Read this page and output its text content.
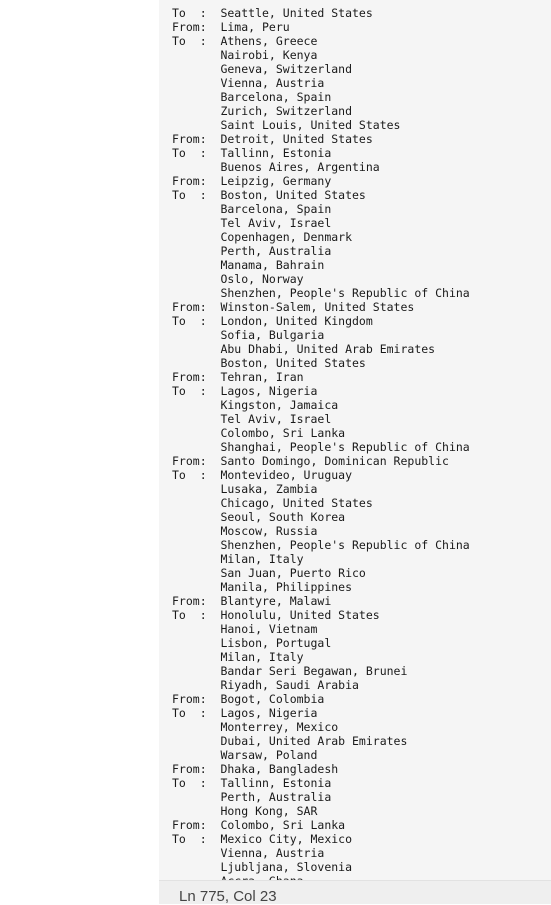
To  :  Seattle, United States
From:  Lima, Peru
To  :  Athens, Greece
Nairobi, Kenya
Geneva, Switzerland
Vienna, Austria
Barcelona, Spain
Zurich, Switzerland
Saint Louis, United States
From:  Detroit, United States
To  :  Tallinn, Estonia
Buenos Aires, Argentina
From:  Leipzig, Germany
To  :  Boston, United States
Barcelona, Spain
Tel Aviv, Israel
Copenhagen, Denmark
Perth, Australia
Manama, Bahrain
Oslo, Norway
Shenzhen, People's Republic of China
From:  Winston-Salem, United States
To  :  London, United Kingdom
Sofia, Bulgaria
Abu Dhabi, United Arab Emirates
Boston, United States
From:  Tehran, Iran
To  :  Lagos, Nigeria
Kingston, Jamaica
Tel Aviv, Israel
Colombo, Sri Lanka
Shanghai, People's Republic of China
From:  Santo Domingo, Dominican Republic
To  :  Montevideo, Uruguay
Lusaka, Zambia
Chicago, United States
Seoul, South Korea
Moscow, Russia
Shenzhen, People's Republic of China
Milan, Italy
San Juan, Puerto Rico
Manila, Philippines
From:  Blantyre, Malawi
To  :  Honolulu, United States
Hanoi, Vietnam
Lisbon, Portugal
Milan, Italy
Bandar Seri Begawan, Brunei
Riyadh, Saudi Arabia
From:  Bogot, Colombia
To  :  Lagos, Nigeria
Monterrey, Mexico
Dubai, United Arab Emirates
Warsaw, Poland
From:  Dhaka, Bangladesh
To  :  Tallinn, Estonia
Perth, Australia
Hong Kong, SAR
From:  Colombo, Sri Lanka
To  :  Mexico City, Mexico
Vienna, Austria
Ljubljana, Slovenia
Ln 775, Col 23
